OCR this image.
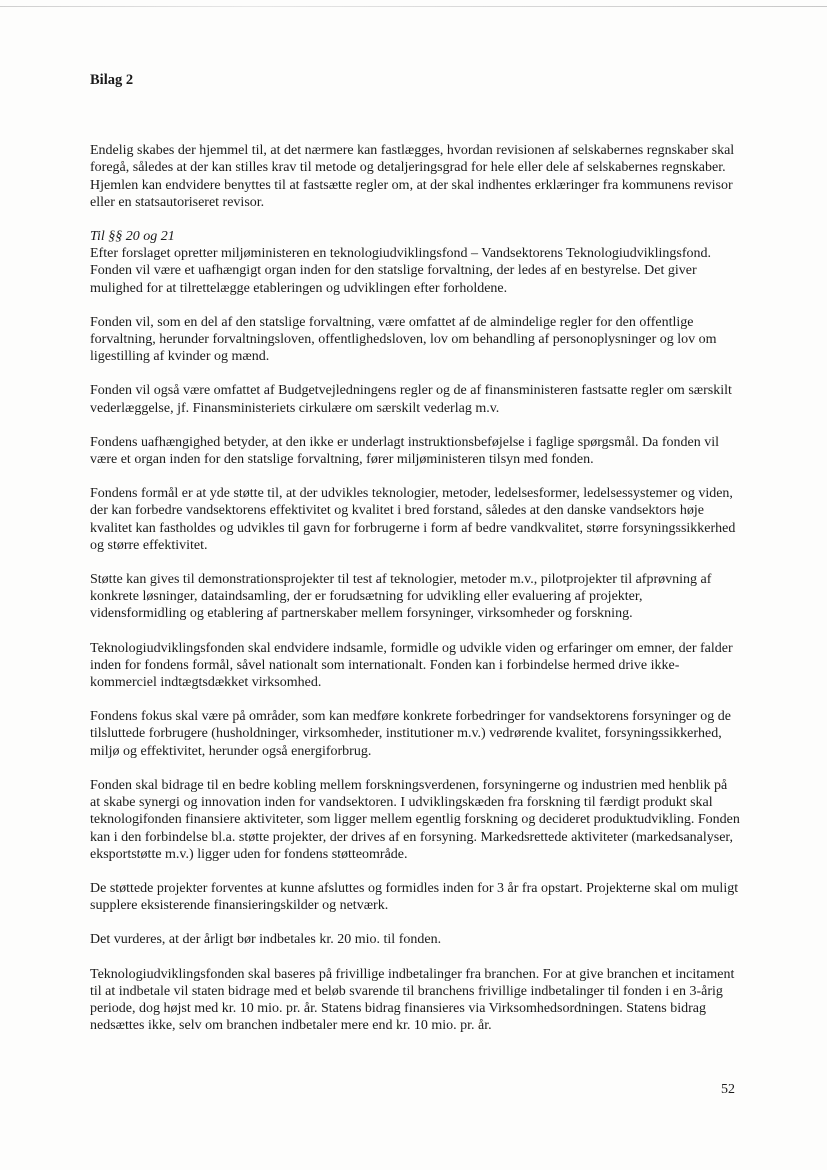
Bilag 2

Endelig skabes der hjemmel til, at det nærmere kan fastlægges, hvordan revisionen af selskabernes regnskaber skal foregå, således at der kan stilles krav til metode og detaljeringsgrad for hele eller dele af selskabernes regnskaber. Hjemlen kan endvidere benyttes til at fastsætte regler om, at der skal indhentes erklæringer fra kommunens revisor eller en statsautoriseret revisor.

Til §§ 20 og 21
Efter forslaget opretter miljøministeren en teknologiudviklingsfond – Vandsektorens Teknologiudviklingsfond. Fonden vil være et uafhængigt organ inden for den statslige forvaltning, der ledes af en bestyrelse. Det giver mulighed for at tilrettelægge etableringen og udviklingen efter forholdene.

Fonden vil, som en del af den statslige forvaltning, være omfattet af de almindelige regler for den offentlige forvaltning, herunder forvaltningsloven, offentlighedsloven, lov om behandling af personoplysninger og lov om ligestilling af kvinder og mænd.

Fonden vil også være omfattet af Budgetvejledningens regler og de af finansministeren fastsatte regler om særskilt vederlæggelse, jf. Finansministeriets cirkulære om særskilt vederlag m.v.

Fondens uafhængighed betyder, at den ikke er underlagt instruktionsbeføjelse i faglige spørgsmål. Da fonden vil være et organ inden for den statslige forvaltning, fører miljøministeren tilsyn med fonden.

Fondens formål er at yde støtte til, at der udvikles teknologier, metoder, ledelsesformer, ledelsessystemer og viden, der kan forbedre vandsektorens effektivitet og kvalitet i bred forstand, således at den danske vandsektors høje kvalitet kan fastholdes og udvikles til gavn for forbrugerne i form af bedre vandkvalitet, større forsyningssikkerhed og større effektivitet.

Støtte kan gives til demonstrationsprojekter til test af teknologier, metoder m.v., pilotprojekter til afprøvning af konkrete løsninger, dataindsamling, der er forudsætning for udvikling eller evaluering af projekter, vidensformidling og etablering af partnerskaber mellem forsyninger, virksomheder og forskning.

Teknologiudviklingsfonden skal endvidere indsamle, formidle og udvikle viden og erfaringer om emner, der falder inden for fondens formål, såvel nationalt som internationalt. Fonden kan i forbindelse hermed drive ikke-kommerciel indtægtsdækket virksomhed.

Fondens fokus skal være på områder, som kan medføre konkrete forbedringer for vandsektorens forsyninger og de tilsluttede forbrugere (husholdninger, virksomheder, institutioner m.v.) vedrørende kvalitet, forsyningssikkerhed, miljø og effektivitet, herunder også energiforbrug.

Fonden skal bidrage til en bedre kobling mellem forskningsverdenen, forsyningerne og industrien med henblik på at skabe synergi og innovation inden for vandsektoren. I udviklingskæden fra forskning til færdigt produkt skal teknologifonden finansiere aktiviteter, som ligger mellem egentlig forskning og decideret produktudvikling. Fonden kan i den forbindelse bl.a. støtte projekter, der drives af en forsyning. Markedsrettede aktiviteter (markedsanalyser, eksportstøtte m.v.) ligger uden for fondens støtteområde.

De støttede projekter forventes at kunne afsluttes og formidles inden for 3 år fra opstart. Projekterne skal om muligt supplere eksisterende finansieringskilder og netværk.

Det vurderes, at der årligt bør indbetales kr. 20 mio. til fonden.

Teknologiudviklingsfonden skal baseres på frivillige indbetalinger fra branchen. For at give branchen et incitament til at indbetale vil staten bidrage med et beløb svarende til branchens frivillige indbetalinger til fonden i en 3-årig periode, dog højst med kr. 10 mio. pr. år. Statens bidrag finansieres via Virksomhedsordningen. Statens bidrag nedsættes ikke, selv om branchen indbetaler mere end kr. 10 mio. pr. år.

52
